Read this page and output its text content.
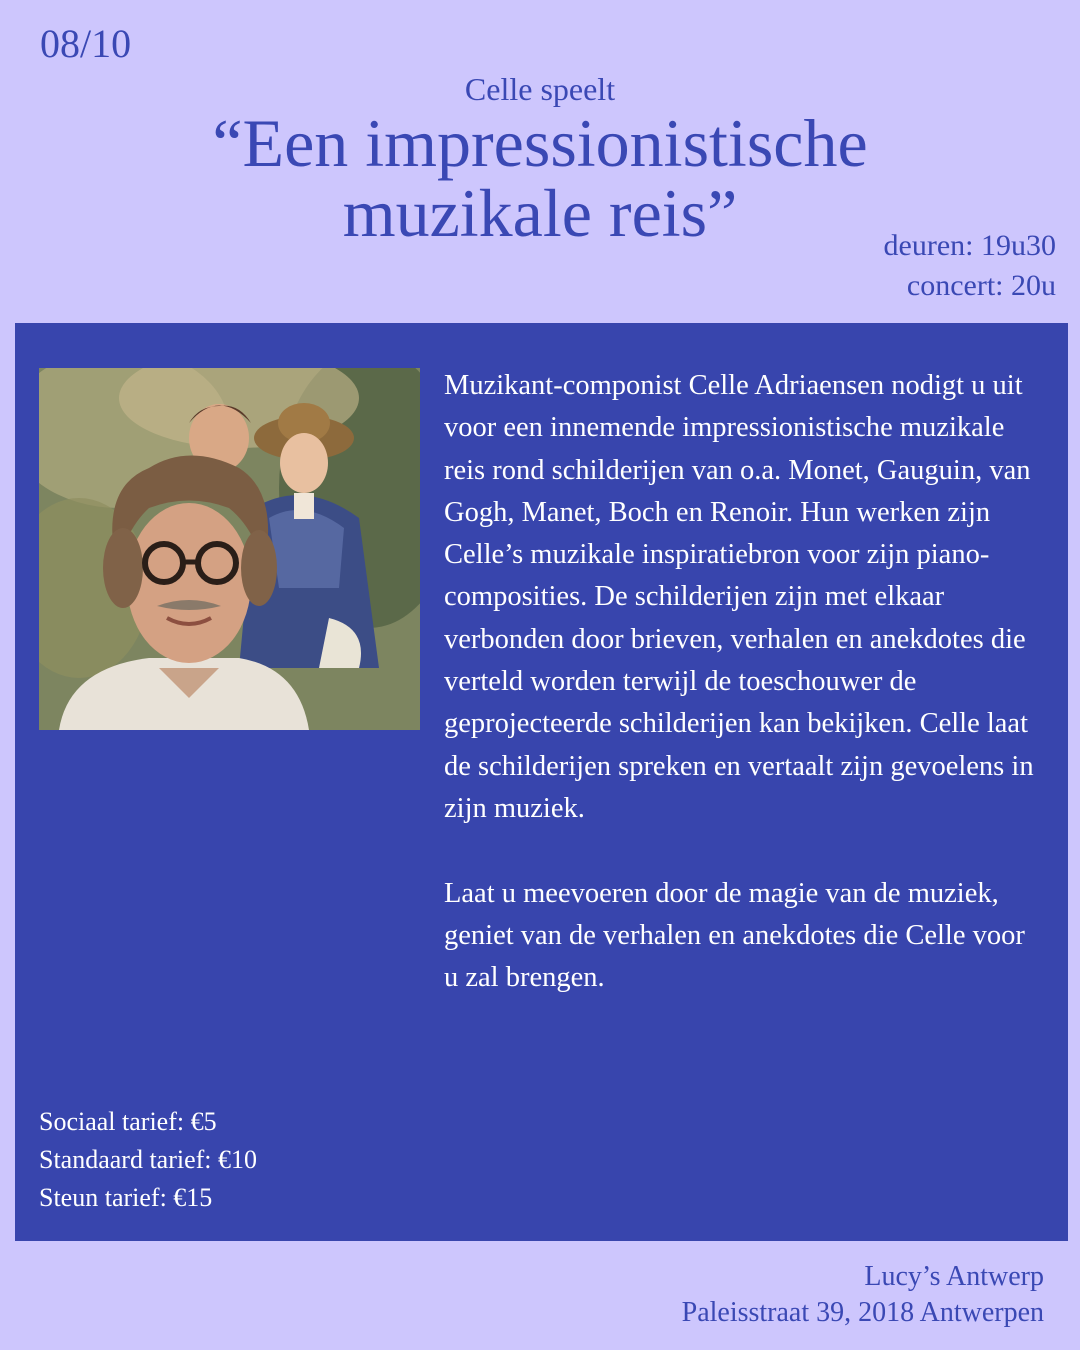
08/10
Celle speelt
“Een impressionistische
muzikale reis”	deuren: 19u30
concert: 20u

Muzikant-componist Celle Adriaensen nodigt u uit voor een innemende impressionistische muzikale reis rond schilderijen van o.a. Monet, Gauguin, van Gogh, Manet, Boch en Renoir. Hun werken zijn Celle’s muzikale inspiratiebron voor zijn piano-composities. De schilderijen zijn met elkaar verbonden door brieven, verhalen en anekdotes die verteld worden terwijl de toeschouwer de geprojecteerde schilderijen kan bekijken. Celle laat de schilderijen spreken en vertaalt zijn gevoelens in zijn muziek.

Laat u meevoeren door de magie van de muziek, geniet van de verhalen en anekdotes die Celle voor u zal brengen.

Sociaal tarief: €5
Standaard tarief: €10
Steun tarief: €15
Lucy’s Antwerp
Paleisstraat 39, 2018 Antwerpen
